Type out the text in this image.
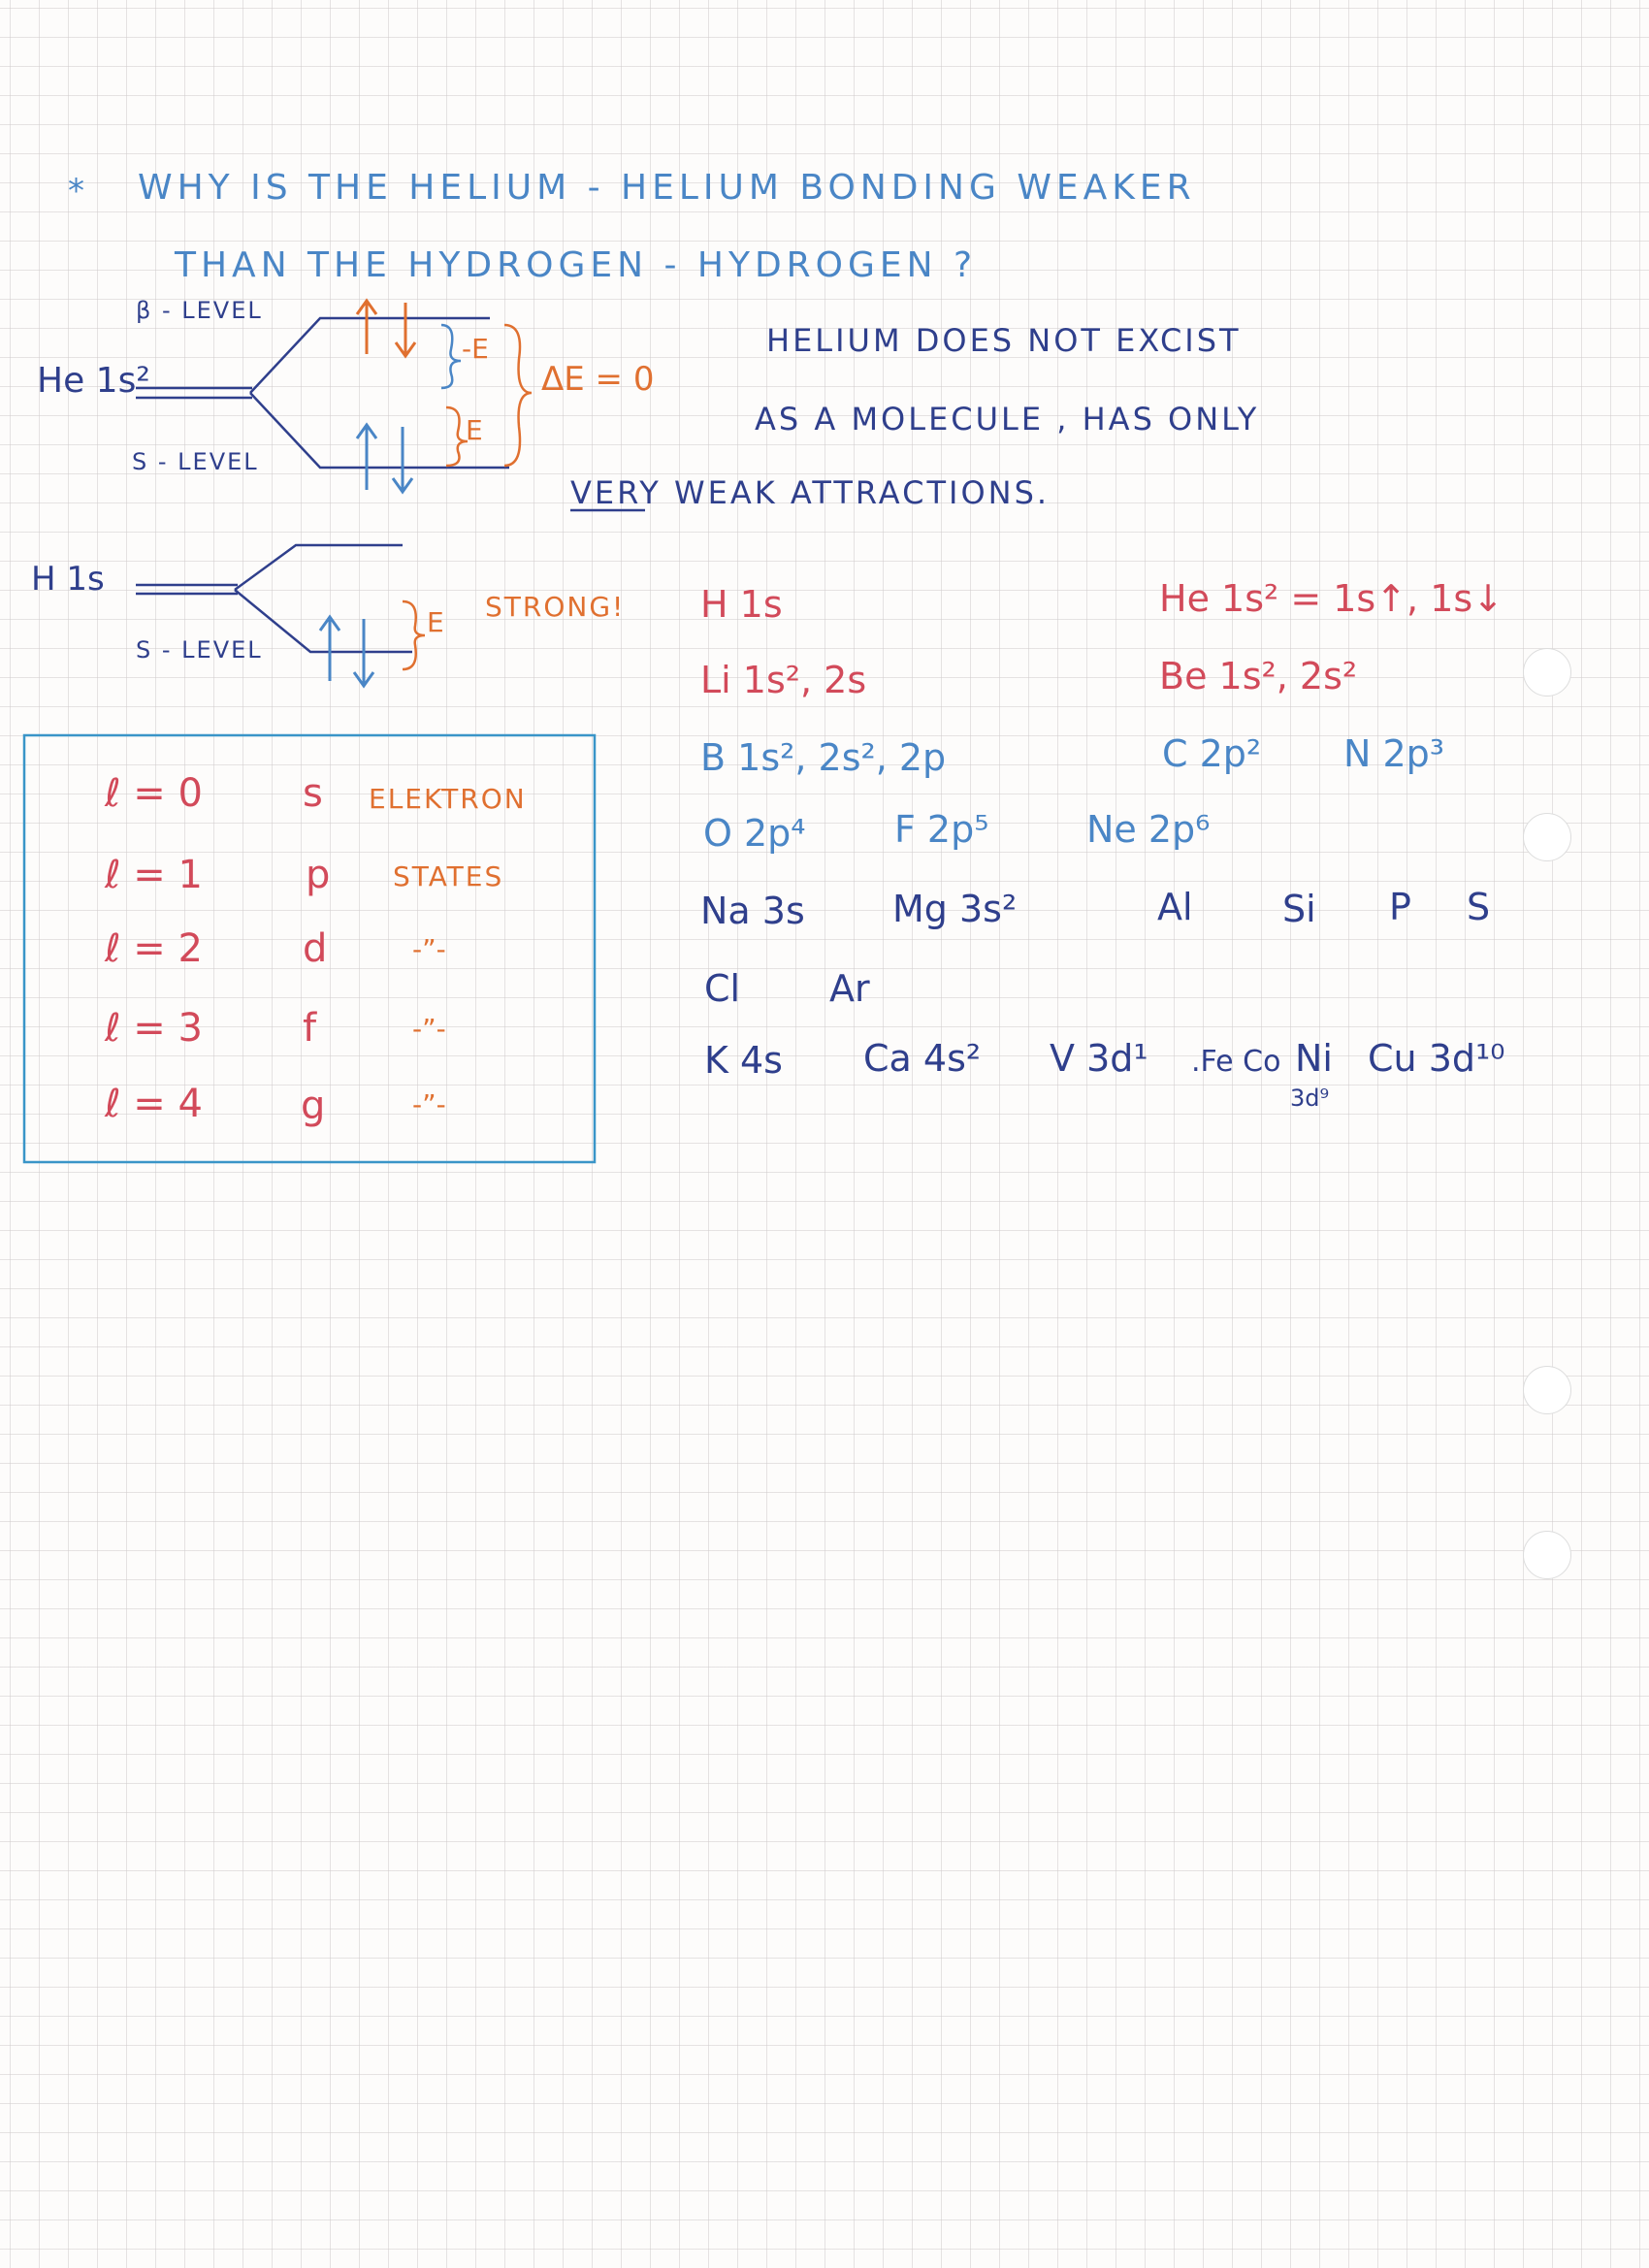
* WHY IS THE HELIUM - HELIUM BONDING WEAKER
THAN THE HYDROGEN - HYDROGEN ?
β - LEVEL
He 1s²
S - LEVEL
-E
E
ΔE = 0
HELIUM DOES NOT EXCIST
AS A MOLECULE , HAS ONLY
VERY WEAK ATTRACTIONS.
H 1s
S - LEVEL
E STRONG!
ℓ = 0	s ELEKTRON
ℓ = 1	p STATES
ℓ = 2	d	-”-
ℓ = 3	f	-”-
ℓ = 4	g	-”-
H 1s	He 1s² = 1s↑, 1s↓
Li 1s², 2s	Be 1s², 2s²
B 1s², 2s², 2p	C 2p² N 2p³
O 2p⁴ F 2p⁵	Ne 2p⁶
Na 3s Mg 3s²	Al Si P S
Cl Ar
K 4s Ca 4s² V 3d¹ .Fe Co Ni
3d⁹
Cu 3d¹⁰
